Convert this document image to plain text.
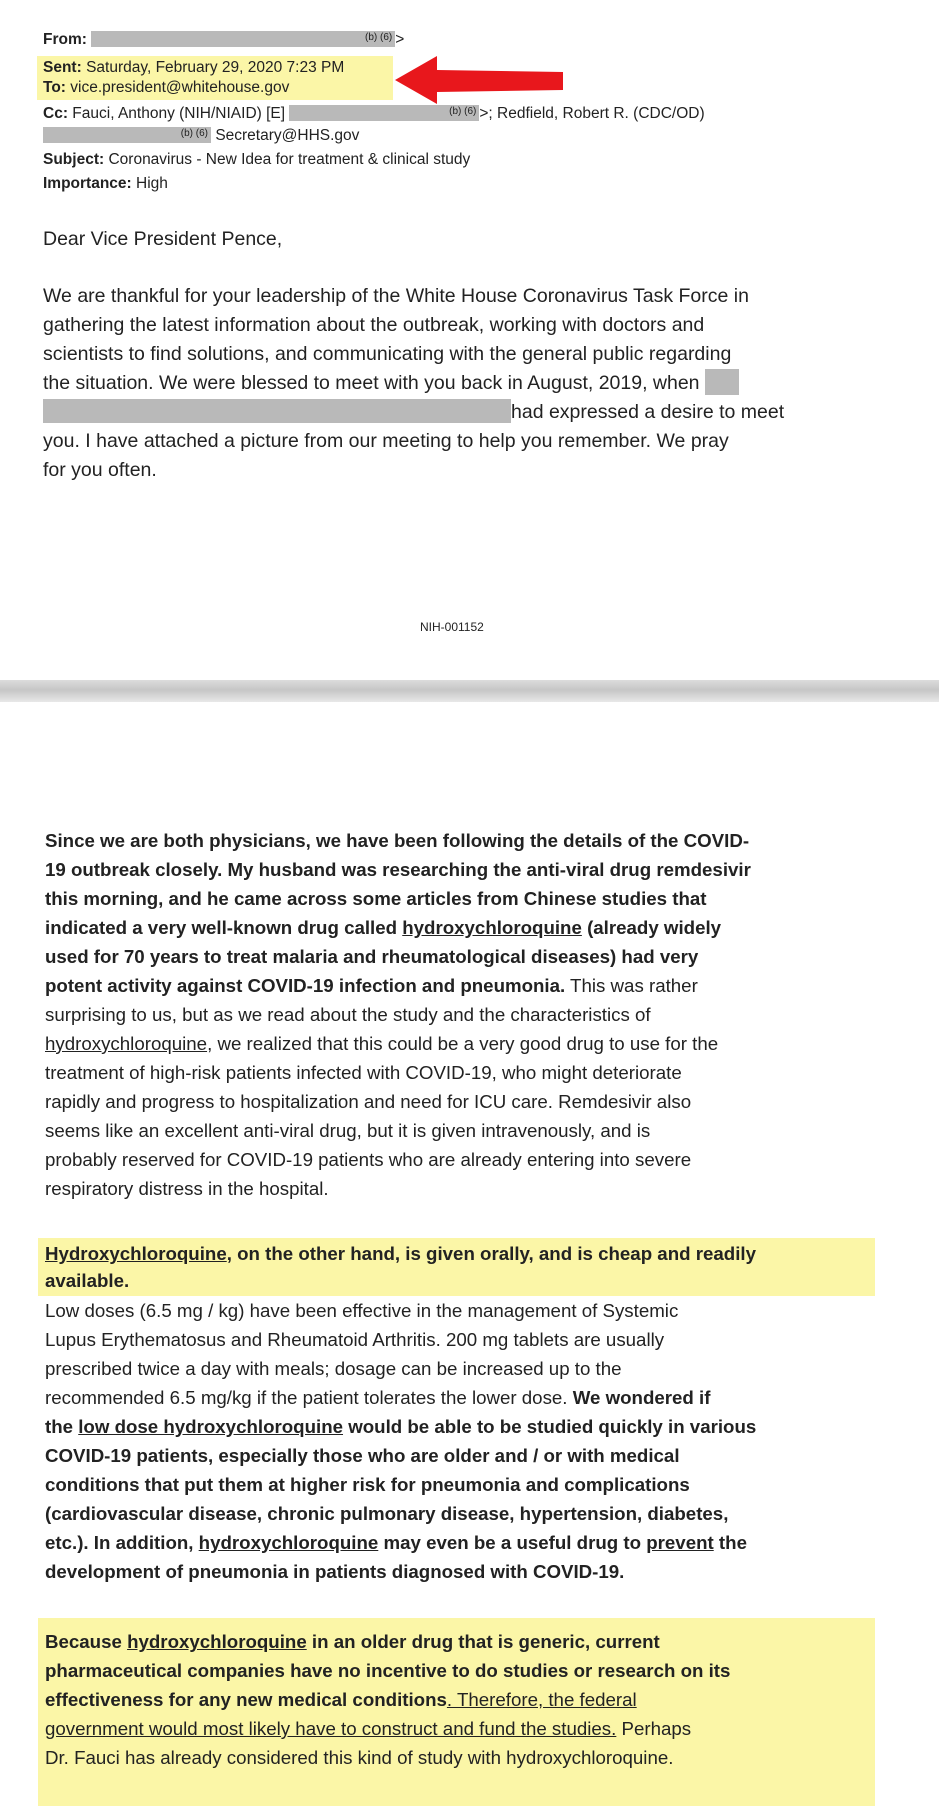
From:	(b) (6) >
Sent: Saturday, February 29, 2020 7:23 PM
To: vice.president@whitehouse.gov
Cc: Fauci, Anthony (NIH/NIAID) [E]	(b) (6) >; Redfield, Robert R. (CDC/OD)
(b) (6) Secretary@HHS.gov
Subject: Coronavirus - New Idea for treatment & clinical study
Importance: High
Dear Vice President Pence,
We are thankful for your leadership of the White House Coronavirus Task Force in
gathering the latest information about the outbreak, working with doctors and
scientists to find solutions, and communicating with the general public regarding
the situation. We were blessed to meet with you back in August, 2019, when
had expressed a desire to meet
you. I have attached a picture from our meeting to help you remember. We pray
for you often.
NIH-001152
Since we are both physicians, we have been following the details of the COVID-
19 outbreak closely. My husband was researching the anti-viral drug remdesivir
this morning, and he came across some articles from Chinese studies that
indicated a very well-known drug called hydroxychloroquine (already widely
used for 70 years to treat malaria and rheumatological diseases) had very
potent activity against COVID-19 infection and pneumonia. This was rather
surprising to us, but as we read about the study and the characteristics of
hydroxychloroquine, we realized that this could be a very good drug to use for the
treatment of high-risk patients infected with COVID-19, who might deteriorate
rapidly and progress to hospitalization and need for ICU care. Remdesivir also
seems like an excellent anti-viral drug, but it is given intravenously, and is
probably reserved for COVID-19 patients who are already entering into severe
respiratory distress in the hospital.
Hydroxychloroquine, on the other hand, is given orally, and is cheap and readily
available.
Low doses (6.5 mg / kg) have been effective in the management of Systemic
Lupus Erythematosus and Rheumatoid Arthritis. 200 mg tablets are usually
prescribed twice a day with meals; dosage can be increased up to the
recommended 6.5 mg/kg if the patient tolerates the lower dose. We wondered if
the low dose hydroxychloroquine would be able to be studied quickly in various
COVID-19 patients, especially those who are older and / or with medical
conditions that put them at higher risk for pneumonia and complications
(cardiovascular disease, chronic pulmonary disease, hypertension, diabetes,
etc.). In addition, hydroxychloroquine may even be a useful drug to prevent the
development of pneumonia in patients diagnosed with COVID-19.
Because hydroxychloroquine in an older drug that is generic, current
pharmaceutical companies have no incentive to do studies or research on its
effectiveness for any new medical conditions. Therefore, the federal
government would most likely have to construct and fund the studies. Perhaps
Dr. Fauci has already considered this kind of study with hydroxychloroquine.
